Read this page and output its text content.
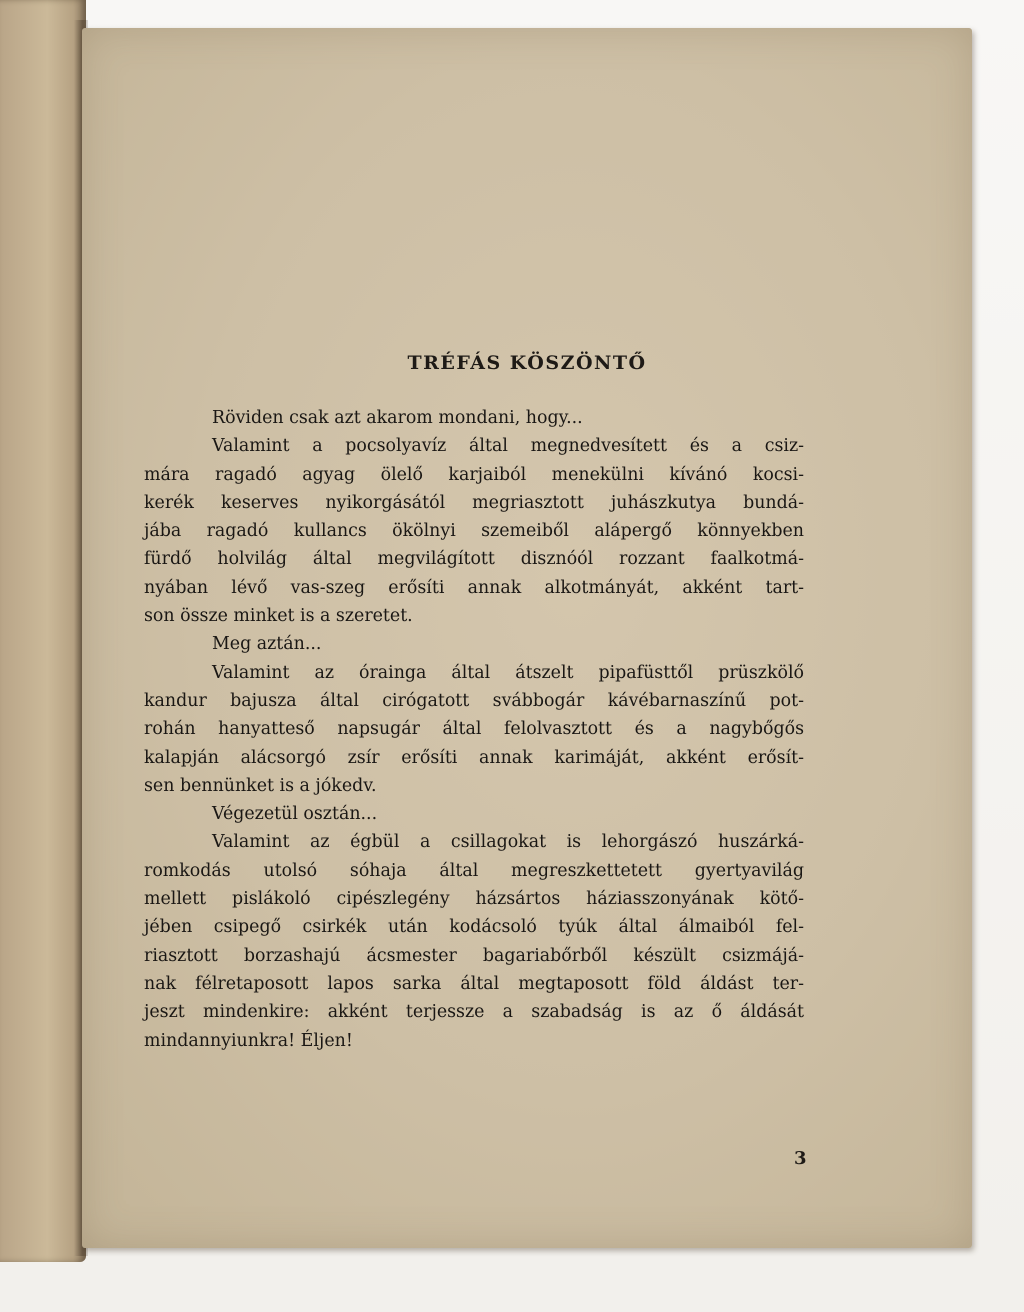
TRÉFÁS KÖSZÖNTŐ
Röviden csak azt akarom mondani, hogy...
Valamint a pocsolyavíz által megnedvesített és a csiz-
mára ragadó agyag ölelő karjaiból menekülni kívánó kocsi-
kerék keserves nyikorgásától megriasztott juhászkutya bundá-
jába ragadó kullancs ökölnyi szemeiből alápergő könnyekben
fürdő holvilág által megvilágított disznóól rozzant faalkotmá-
nyában lévő vas-szeg erősíti annak alkotmányát, akként tart-
son össze minket is a szeretet.
Meg aztán...
Valamint az órainga által átszelt pipafüsttől prüszkölő
kandur bajusza által cirógatott svábbogár kávébarnaszínű pot-
rohán hanyatteső napsugár által felolvasztott és a nagybőgős
kalapján alácsorgó zsír erősíti annak karimáját, akként erősít-
sen bennünket is a jókedv.
Végezetül osztán...
Valamint az égbül a csillagokat is lehorgászó huszárká-
romkodás utolsó sóhaja által megreszkettetett gyertyavilág
mellett pislákoló cipészlegény házsártos háziasszonyának kötő-
jében csipegő csirkék után kodácsoló tyúk által álmaiból fel-
riasztott borzashajú ácsmester bagariabőrből készült csizmájá-
nak félretaposott lapos sarka által megtaposott föld áldást ter-
jeszt mindenkire: akként terjessze a szabadság is az ő áldását
mindannyiunkra! Éljen!
3
